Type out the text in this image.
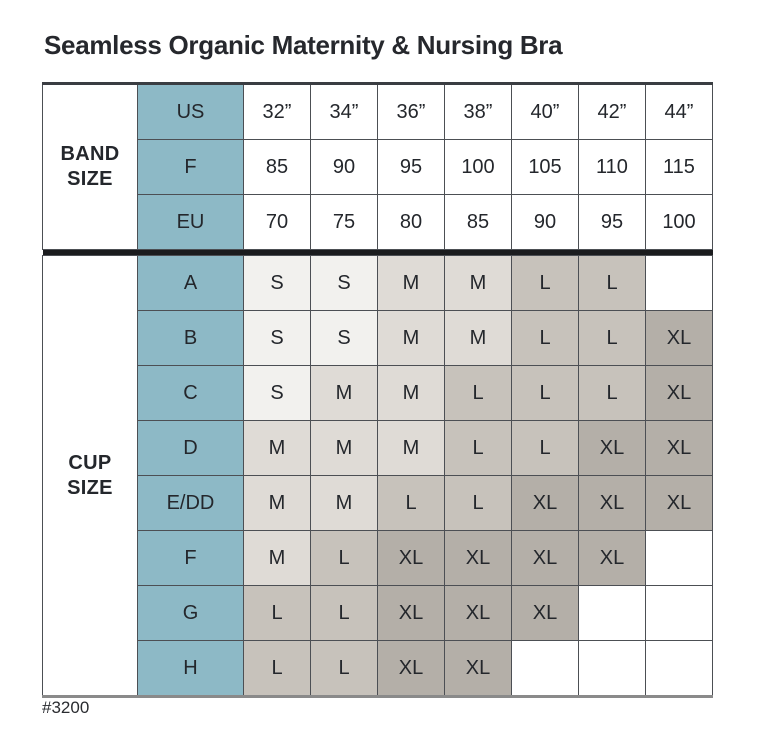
Seamless Organic Maternity & Nursing Bra
BAND SIZE	US	32”	34”	36”	38”	40”	42”	44”
	F	85	90	95	100	105	110	115
	EU	70	75	80	85	90	95	100

CUP SIZE	A	S	S	M	M	L	L	
	B	S	S	M	M	L	L	XL
	C	S	M	M	L	L	L	XL
	D	M	M	M	L	L	XL	XL
	E/DD	M	M	L	L	XL	XL	XL
	F	M	L	XL	XL	XL	XL	
	G	L	L	XL	XL	XL		
	H	L	L	XL	XL			
#3200
